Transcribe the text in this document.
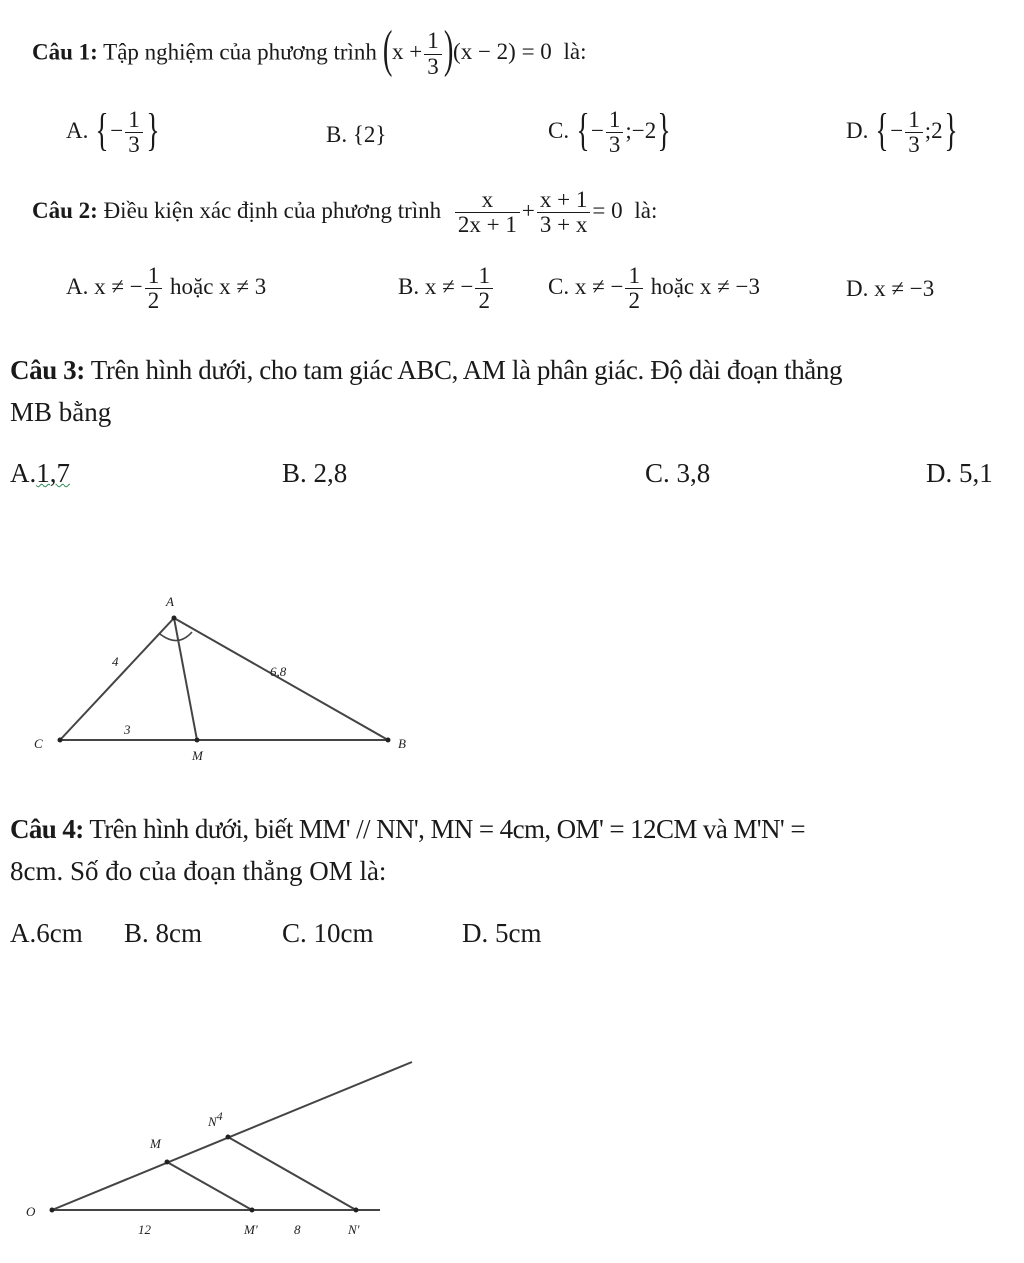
Câu 1: Tập nghiệm của phương trình $(x + \frac{1}{3} )(x - 2) = 0$ là:
A. {− $\frac{1}{3}$ }	B. {2}	C. {− $\frac{1}{3}$ ;−2}	D. {− $\frac{1}{3}$ ;2}
Câu 2: Điều kiện xác định của phương trình $\frac{x}{2x + 1} + \frac{x + 1}{3 + x} = 0$ là:
A. x ≠ − $\frac{1}{2}$ hoặc x ≠ 3	B. x ≠ − $\frac{1}{2} C$. x ≠ − $\frac{1}{2}$ hoặc x ≠ −3	D. x ≠ −3
Câu 3: Trên hình dưới, cho tam giác ABC, AM là phân giác. Độ dài đoạn thẳng
MB bằng
A.1,7	B. 2,8	C. 3,8	D. 5,1
A
C	B
M
4
6,8
3
Câu 4: Trên hình dưới, biết MM' // NN', MN = 4cm, OM' = 12CM và M'N' =
8cm. Số đo của đoạn thẳng OM là:
A.6cm B. 8cm	C. 10cm	D. 5cm
O
M
N4
M'	N'
12	8
